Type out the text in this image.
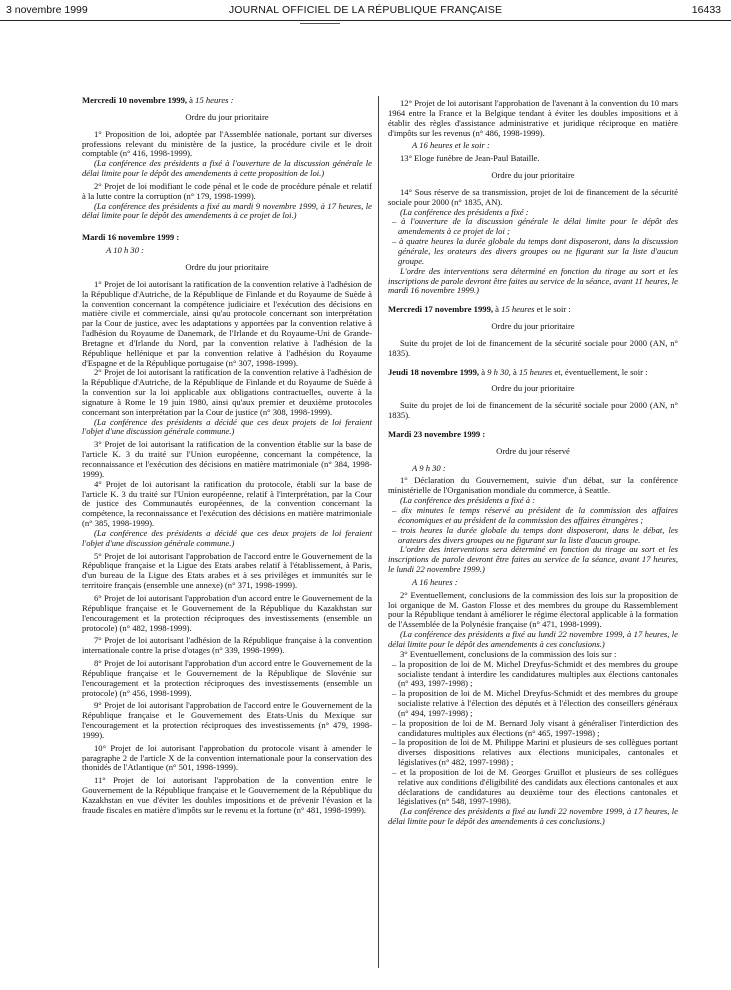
3 novembre 1999	JOURNAL OFFICIEL DE LA RÉPUBLIQUE FRANÇAISE	16433

Mercredi 10 novembre 1999, à 15 heures :

Ordre du jour prioritaire

1° Proposition de loi, adoptée par l'Assemblée nationale, portant sur diverses professions relevant du ministère de la justice, la procédure civile et le droit comptable (n° 416, 1998-1999).

(La conférence des présidents a fixé à l'ouverture de la discussion générale le délai limite pour le dépôt des amendements à cette proposition de loi.)

2° Projet de loi modifiant le code pénal et le code de procédure pénale et relatif à la lutte contre la corruption (n° 179, 1998-1999).

(La conférence des présidents a fixé au mardi 9 novembre 1999, à 17 heures, le délai limite pour le dépôt des amendements à ce projet de loi.)

Mardi 16 novembre 1999 :

A 10 h 30 :

Ordre du jour prioritaire

1° Projet de loi autorisant la ratification de la convention relative à l'adhésion de la République d'Autriche, de la République de Finlande et du Royaume de Suède à la convention concernant la compétence judiciaire et l'exécution des décisions en matière civile et commerciale, ainsi qu'au protocole concernant son interprétation par la Cour de justice, avec les adaptations y apportées par la convention relative à l'adhésion du Royaume de Danemark, de l'Irlande et du Royaume-Uni de Grande-Bretagne et d'Irlande du Nord, par la convention relative à l'adhésion de la République hellénique et par la convention relative à l'adhésion du Royaume d'Espagne et de la République portugaise (n° 307, 1998-1999).

2° Projet de loi autorisant la ratification de la convention relative à l'adhésion de la République d'Autriche, de la République de Finlande et du Royaume de Suède à la convention sur la loi applicable aux obligations contractuelles, ouverte à la signature à Rome le 19 juin 1980, ainsi qu'aux premier et deuxième protocoles concernant son interprétation par la Cour de justice (n° 308, 1998-1999).

(La conférence des présidents a décidé que ces deux projets de loi feraient l'objet d'une discussion générale commune.)

3° Projet de loi autorisant la ratification de la convention établie sur la base de l'article K. 3 du traité sur l'Union européenne, concernant la compétence, la reconnaissance et l'exécution des décisions en matière matrimoniale (n° 384, 1998-1999).

4° Projet de loi autorisant la ratification du protocole, établi sur la base de l'article K. 3 du traité sur l'Union européenne, relatif à l'interprétation, par la Cour de justice des Communautés européennes, de la convention concernant la compétence, la reconnaissance et l'exécution des décisions en matière matrimoniale (n° 385, 1998-1999).

(La conférence des présidents a décidé que ces deux projets de loi feraient l'objet d'une discussion générale commune.)

5° Projet de loi autorisant l'approbation de l'accord entre le Gouvernement de la République française et la Ligue des Etats arabes relatif à l'établissement, à Paris, d'un bureau de la Ligue des Etats arabes et à ses privilèges et immunités sur le territoire français (ensemble une annexe) (n° 371, 1998-1999).

6° Projet de loi autorisant l'approbation d'un accord entre le Gouvernement de la République française et le Gouvernement de la République du Kazakhstan sur l'encouragement et la protection réciproques des investissements (ensemble un protocole) (n° 482, 1998-1999).

7° Projet de loi autorisant l'adhésion de la République française à la convention internationale contre la prise d'otages (n° 339, 1998-1999).

8° Projet de loi autorisant l'approbation d'un accord entre le Gouvernement de la République française et le Gouvernement de la République de Slovénie sur l'encouragement et la protection réciproques des investissements (ensemble un protocole) (n° 456, 1998-1999).

9° Projet de loi autorisant l'approbation de l'accord entre le Gouvernement de la République française et le Gouvernement des Etats-Unis du Mexique sur l'encouragement et la protection réciproques des investissements (n° 479, 1998-1999).

10° Projet de loi autorisant l'approbation du protocole visant à amender le paragraphe 2 de l'article X de la convention internationale pour la conservation des thonidés de l'Atlantique (n° 501, 1998-1999).

11° Projet de loi autorisant l'approbation de la convention entre le Gouvernement de la République française et le Gouvernement de la République du Kazakhstan en vue d'éviter les doubles impositions et de prévenir l'évasion et la fraude fiscales en matière d'impôts sur le revenu et la fortune (n° 481, 1998-1999).

12° Projet de loi autorisant l'approbation de l'avenant à la convention du 10 mars 1964 entre la France et la Belgique tendant à éviter les doubles impositions et à établir des règles d'assistance administrative et juridique réciproque en matière d'impôts sur les revenus (n° 486, 1998-1999).

A 16 heures et le soir :

13° Eloge funèbre de Jean-Paul Bataille.

Ordre du jour prioritaire

14° Sous réserve de sa transmission, projet de loi de financement de la sécurité sociale pour 2000 (n° 1835, AN).

(La conférence des présidents a fixé :

– à l'ouverture de la discussion générale le délai limite pour le dépôt des amendements à ce projet de loi ;

– à quatre heures la durée globale du temps dont disposeront, dans la discussion générale, les orateurs des divers groupes ou ne figurant sur la liste d'aucun groupe.

L'ordre des interventions sera déterminé en fonction du tirage au sort et les inscriptions de parole devront être faites au service de la séance, avant 11 heures, le mardi 16 novembre 1999.)

Mercredi 17 novembre 1999, à 15 heures et le soir :

Ordre du jour prioritaire

Suite du projet de loi de financement de la sécurité sociale pour 2000 (AN, n° 1835).

Jeudi 18 novembre 1999, à 9 h 30, à 15 heures et, éventuellement, le soir :

Ordre du jour prioritaire

Suite du projet de loi de financement de la sécurité sociale pour 2000 (AN, n° 1835).

Mardi 23 novembre 1999 :

Ordre du jour réservé

A 9 h 30 :

1° Déclaration du Gouvernement, suivie d'un débat, sur la conférence ministérielle de l'Organisation mondiale du commerce, à Seattle.

(La conférence des présidents a fixé à :

– dix minutes le temps réservé au président de la commission des affaires économiques et au président de la commission des affaires étrangères ;

– trois heures la durée globale du temps dont disposeront, dans le débat, les orateurs des divers groupes ou ne figurant sur la liste d'aucun groupe.

L'ordre des interventions sera déterminé en fonction du tirage au sort et les inscriptions de parole devront être faites au service de la séance, avant 17 heures, le lundi 22 novembre 1999.)

A 16 heures :

2° Eventuellement, conclusions de la commission des lois sur la proposition de loi organique de M. Gaston Flosse et des membres du groupe du Rassemblement pour la République tendant à améliorer le régime électoral applicable à la formation de l'Assemblée de la Polynésie française (n° 471, 1998-1999).

(La conférence des présidents a fixé au lundi 22 novembre 1999, à 17 heures, le délai limite pour le dépôt des amendements à ces conclusions.)

3° Eventuellement, conclusions de la commission des lois sur :

– la proposition de loi de M. Michel Dreyfus-Schmidt et des membres du groupe socialiste tendant à interdire les candidatures multiples aux élections cantonales (n° 493, 1997-1998) ;

– la proposition de loi de M. Michel Dreyfus-Schmidt et des membres du groupe socialiste relative à l'élection des députés et à l'élection des conseillers généraux (n° 494, 1997-1998) ;

– la proposition de loi de M. Bernard Joly visant à généraliser l'interdiction des candidatures multiples aux élections (n° 465, 1997-1998) ;

– la proposition de loi de M. Philippe Marini et plusieurs de ses collègues portant diverses dispositions relatives aux élections municipales, cantonales et législatives (n° 482, 1997-1998) ;

– et la proposition de loi de M. Georges Gruillot et plusieurs de ses collègues relative aux conditions d'éligibilité des candidats aux élections cantonales et aux déclarations de candidatures au deuxième tour des élections cantonales et législatives (n° 548, 1997-1998).

(La conférence des présidents a fixé au lundi 22 novembre 1999, à 17 heures, le délai limite pour le dépôt des amendements à ces conclusions.)
